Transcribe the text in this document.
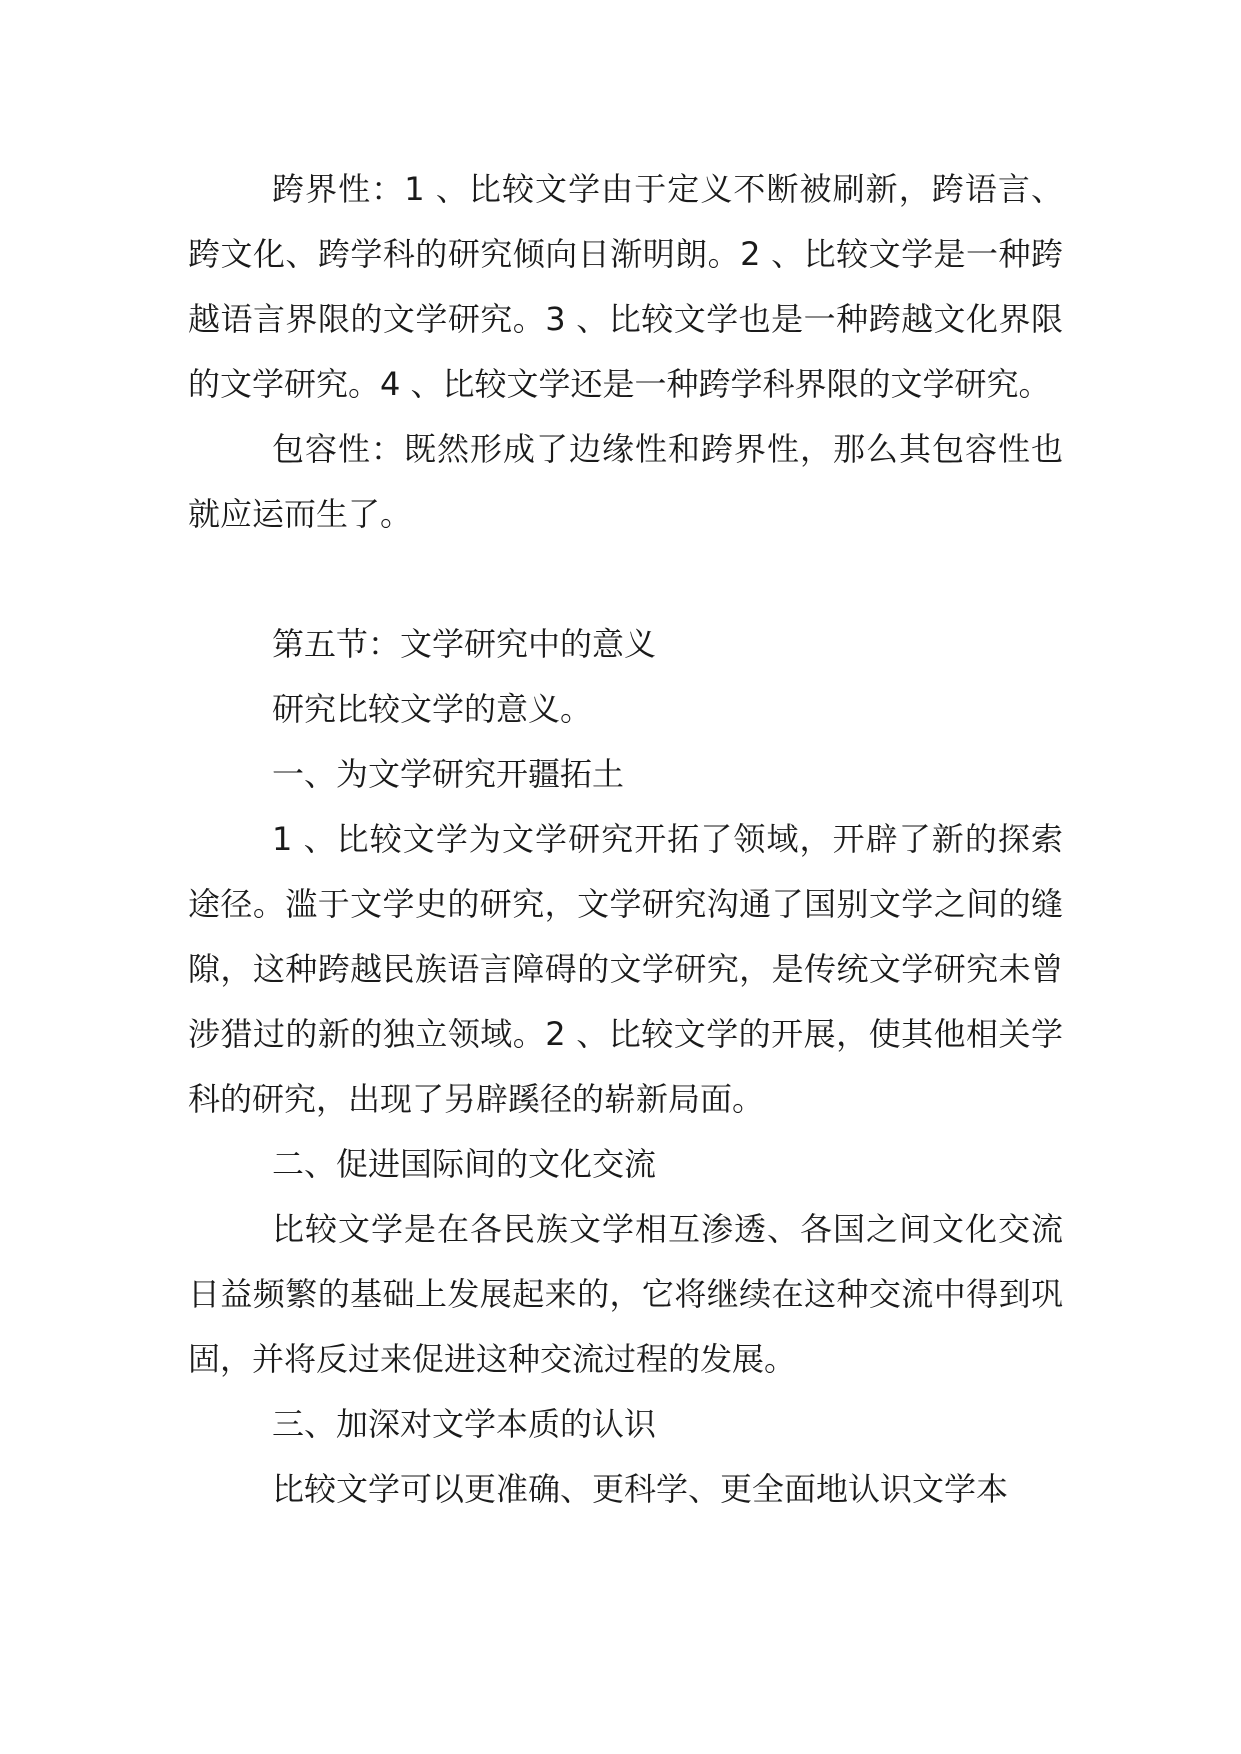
跨界性：1 、比较文学由于定义不断被刷新，跨语言、跨文化、跨学科的研究倾向日渐明朗。2 、比较文学是一种跨越语言界限的文学研究。3 、比较文学也是一种跨越文化界限的文学研究。4 、比较文学还是一种跨学科界限的文学研究。

包容性：既然形成了边缘性和跨界性，那么其包容性也就应运而生了。

第五节：文学研究中的意义

研究比较文学的意义。

一、为文学研究开疆拓土

1 、比较文学为文学研究开拓了领域，开辟了新的探索途径。滥于文学史的研究，文学研究沟通了国别文学之间的缝隙，这种跨越民族语言障碍的文学研究，是传统文学研究未曾涉猎过的新的独立领域。2 、比较文学的开展，使其他相关学科的研究，出现了另辟蹊径的崭新局面。

二、促进国际间的文化交流

比较文学是在各民族文学相互渗透、各国之间文化交流日益频繁的基础上发展起来的，它将继续在这种交流中得到巩固，并将反过来促进这种交流过程的发展。

三、加深对文学本质的认识

比较文学可以更准确、更科学、更全面地认识文学本
